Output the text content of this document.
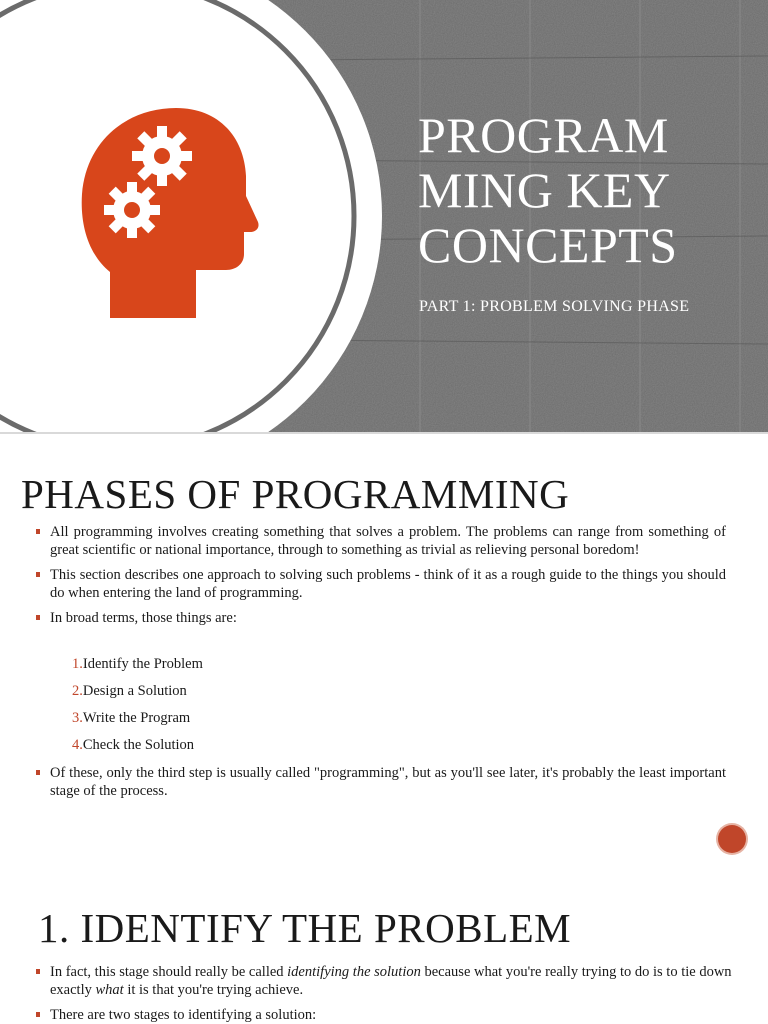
PROGRAM
MING KEY
CONCEPTS

PART 1: PROBLEM SOLVING PHASE

PHASES OF PROGRAMMING
All programming involves creating something that solves a problem. The problems can range from something of great scientific or national importance, through to something as trivial as relieving personal boredom!
This section describes one approach to solving such problems - think of it as a rough guide to the things you should do when entering the land of programming.
In broad terms, those things are:
1.Identify the Problem
2.Design a Solution
3.Write the Program
4.Check the Solution
Of these, only the third step is usually called "programming", but as you'll see later, it's probably the least important stage of the process.
1. IDENTIFY THE PROBLEM
In fact, this stage should really be called identifying the solution because what you're really trying to do is to tie down exactly what it is that you're trying achieve.
There are two stages to identifying a solution:
